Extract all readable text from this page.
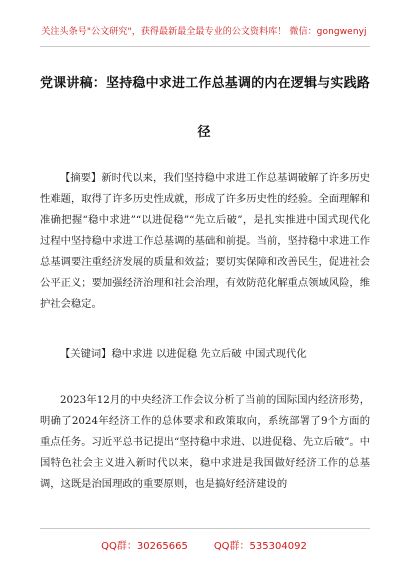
关注头条号"公文研究"，获得最新最全最专业的公文资料库！ 微信：gongwenyj
党课讲稿：坚持稳中求进工作总基调的内在逻辑与实践路
径
【摘要】新时代以来，我们坚持稳中求进工作总基调破解了许多历史性难题，取得了许多历史性成就，形成了许多历史性的经验。全面理解和准确把握“稳中求进”“以进促稳”“先立后破”，是扎实推进中国式现代化过程中坚持稳中求进工作总基调的基础和前提。当前，坚持稳中求进工作总基调要注重经济发展的质量和效益；要切实保障和改善民生，促进社会公平正义；要加强经济治理和社会治理，有效防范化解重点领域风险，维护社会稳定。
【关键词】稳中求进 以进促稳 先立后破 中国式现代化
2023年12月的中央经济工作会议分析了当前的国际国内经济形势，明确了2024年经济工作的总体要求和政策取向，系统部署了9个方面的重点任务。习近平总书记提出“坚持稳中求进、以进促稳、先立后破”。中国特色社会主义进入新时代以来，稳中求进是我国做好经济工作的总基调，这既是治国理政的重要原则，也是搞好经济建设的
QQ群：30265665	QQ群：535304092
